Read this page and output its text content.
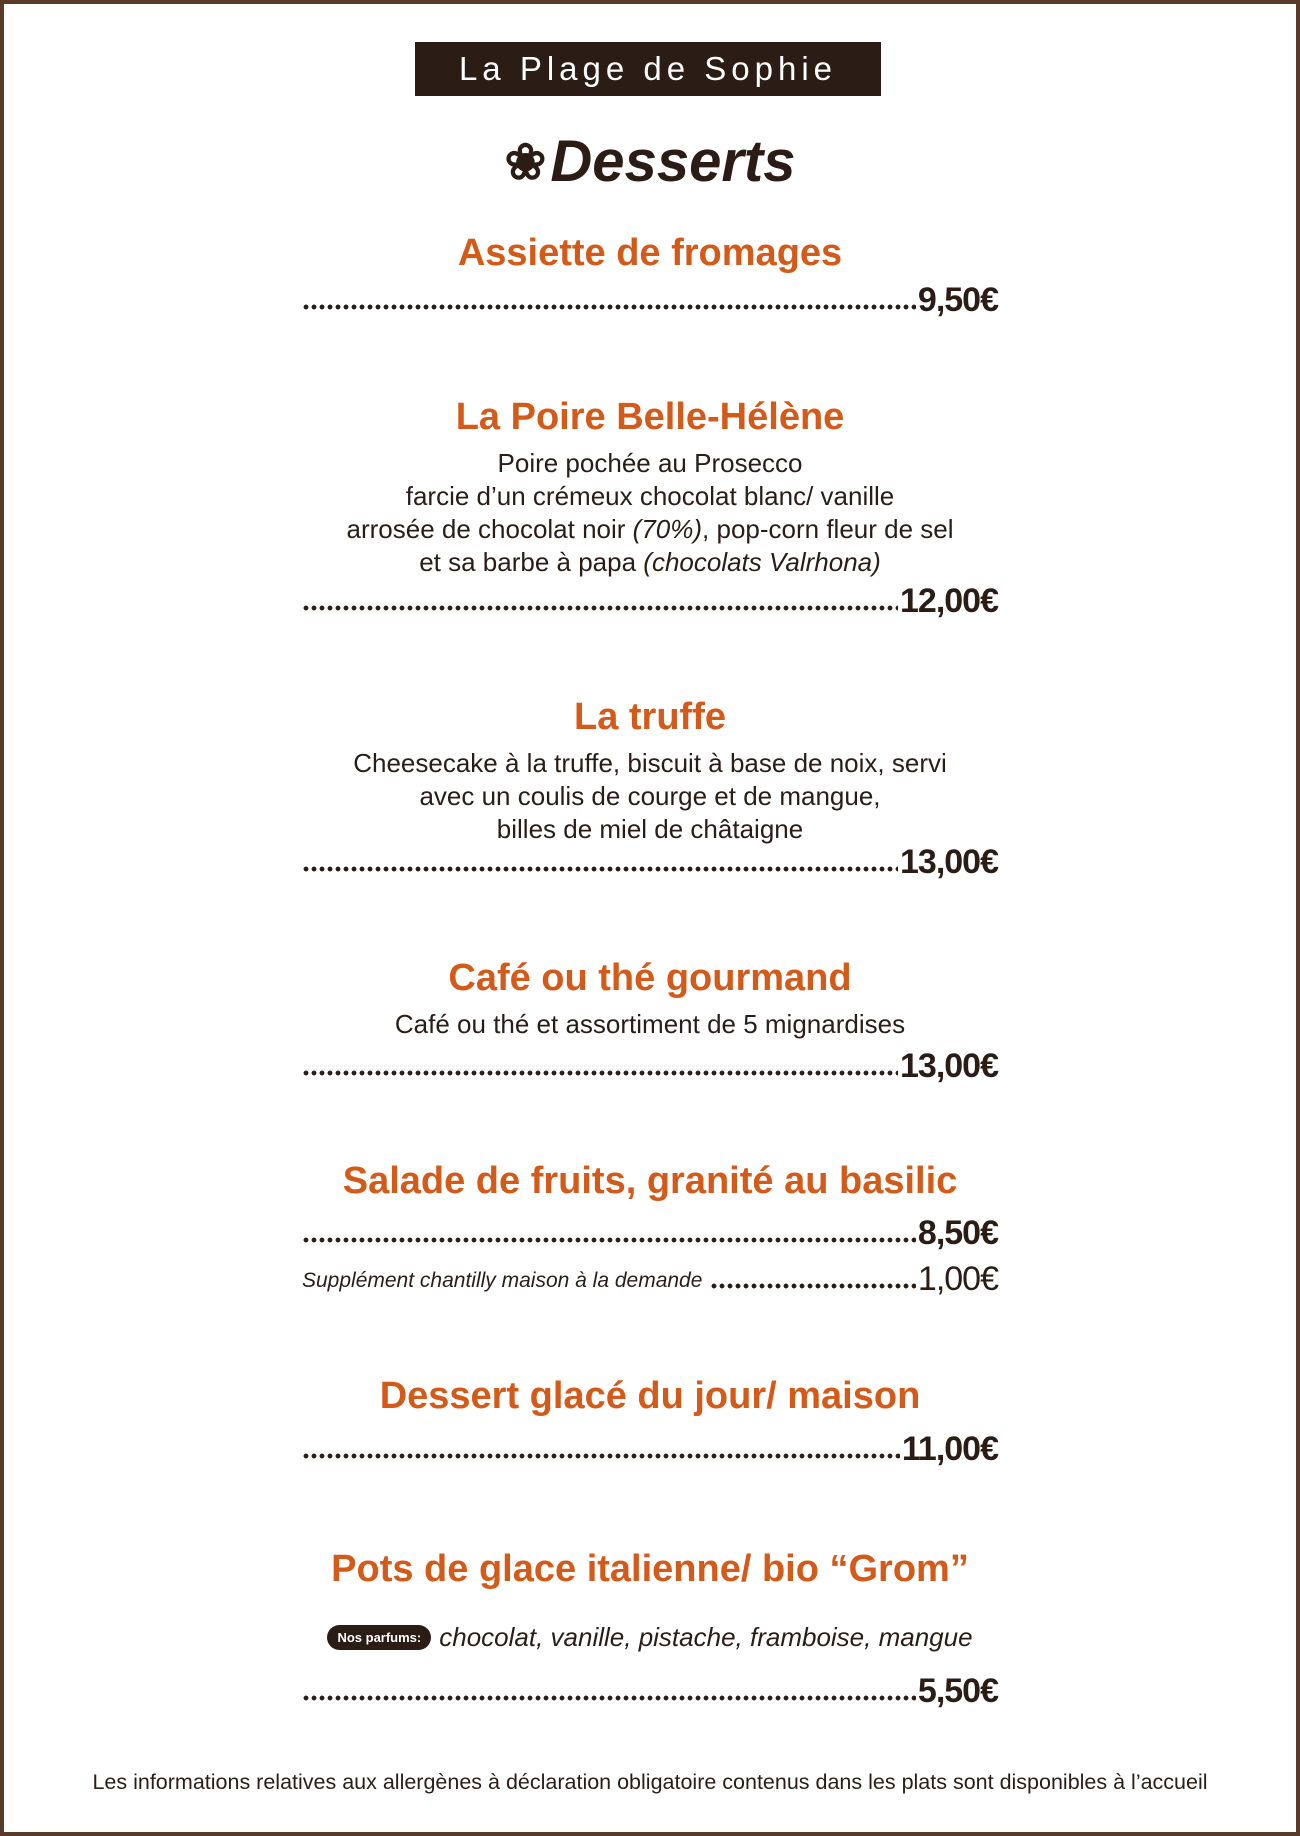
La Plage de Sophie
❀ Desserts
Assiette de fromages
9,50€
La Poire Belle-Hélène
Poire pochée au Prosecco
farcie d’un crémeux chocolat blanc/ vanille
arrosée de chocolat noir (70%), pop-corn fleur de sel
et sa barbe à papa (chocolats Valrhona)
12,00€
La truffe
Cheesecake à la truffe, biscuit à base de noix, servi
avec un coulis de courge et de mangue,
billes de miel de châtaigne
13,00€
Café ou thé gourmand
Café ou thé et assortiment de 5 mignardises
13,00€
Salade de fruits, granité au basilic
8,50€
Supplément chantilly maison à la demande	1,00€
Dessert glacé du jour/ maison
11,00€
Pots de glace italienne/ bio “Grom”
Nos parfums: chocolat, vanille, pistache, framboise, mangue
5,50€
Les informations relatives aux allergènes à déclaration obligatoire contenus dans les plats sont disponibles à l’accueil
